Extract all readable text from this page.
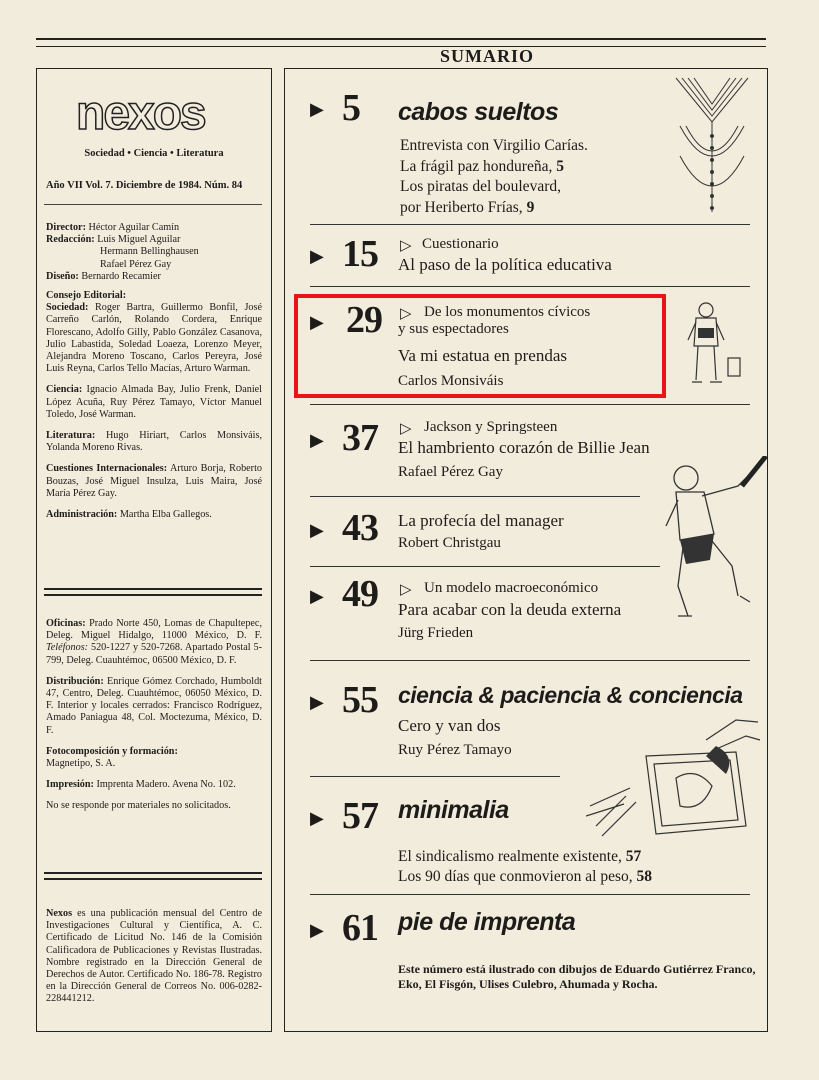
SUMARIO
nexos
Sociedad • Ciencia • Literatura
Año VII Vol. 7. Diciembre de 1984. Núm. 84
Director: Héctor Aguilar Camín
Redacción: Luis Miguel Aguilar
Hermann Bellinghausen
Rafael Pérez Gay
Diseño: Bernardo Recamier
Consejo Editorial:
Sociedad: Roger Bartra, Guillermo Bonfil, José Carreño Carlón, Rolando Cordera, Enrique Florescano, Adolfo Gilly, Pablo González Casanova, Julio Labastida, Soledad Loaeza, Lorenzo Meyer, Alejandra Moreno Toscano, Carlos Pereyra, José Luis Reyna, Carlos Tello Macías, Arturo Warman.
Ciencia: Ignacio Almada Bay, Julio Frenk, Daniel López Acuña, Ruy Pérez Tamayo, Víctor Manuel Toledo, José Warman.
Literatura: Hugo Hiriart, Carlos Monsiváis, Yolanda Moreno Rivas.
Cuestiones Internacionales: Arturo Borja, Roberto Bouzas, José Miguel Insulza, Luis Maira, José María Pérez Gay.
Administración: Martha Elba Gallegos.
Oficinas: Prado Norte 450, Lomas de Chapultepec, Deleg. Miguel Hidalgo, 11000 México, D. F. Teléfonos: 520-1227 y 520-7268. Apartado Postal 5-799, Deleg. Cuauhtémoc, 06500 México, D. F.
Distribución: Enrique Gómez Corchado, Humboldt 47, Centro, Deleg. Cuauhtémoc, 06050 México, D. F. Interior y locales cerrados: Francisco Rodríguez, Amado Paniagua 48, Col. Moctezuma, México, D. F.
Fotocomposición y formación:
Magnetipo, S. A.
Impresión: Imprenta Madero. Avena No. 102.
No se responde por materiales no solicitados.
Nexos es una publicación mensual del Centro de Investigaciones Cultural y Científica, A. C. Certificado de Licitud No. 146 de la Comisión Calificadora de Publicaciones y Revistas Ilustradas. Nombre registrado en la Dirección General de Derechos de Autor. Certificado No. 186-78. Registro en la Dirección General de Correos No. 006-0282-228441212.
▶ 5 cabos sueltos
Entrevista con Virgilio Carías.
La frágil paz hondureña, 5
Los piratas del boulevard,
por Heriberto Frías, 9
▶ 15 ▷ Cuestionario
Al paso de la política educativa
▶ 29 ▷ De los monumentos cívicos
y sus espectadores
Va mi estatua en prendas
Carlos Monsiváis
▶ 37 ▷ Jackson y Springsteen
El hambriento corazón de Billie Jean
Rafael Pérez Gay
▶ 43 La profecía del manager
Robert Christgau
▶ 49 ▷ Un modelo macroeconómico
Para acabar con la deuda externa
Jürg Frieden
▶ 55 ciencia & paciencia & conciencia
Cero y van dos
Ruy Pérez Tamayo
▶ 57 minimalia
El sindicalismo realmente existente, 57
Los 90 días que conmovieron al peso, 58
▶ 61 pie de imprenta
Este número está ilustrado con dibujos de Eduardo Gutiérrez Franco, Eko, El Fisgón, Ulises Culebro, Ahumada y Rocha.
